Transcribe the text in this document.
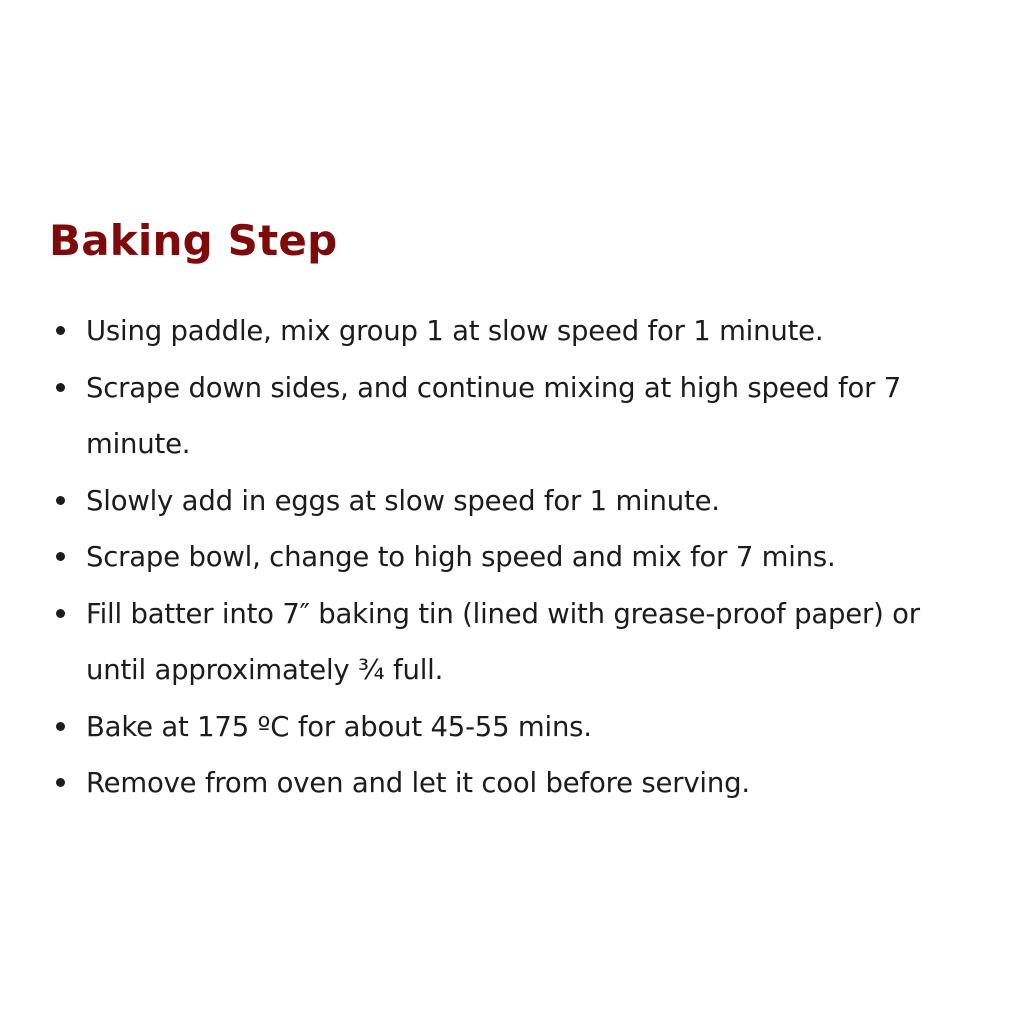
Baking Step
Using paddle, mix group 1 at slow speed for 1 minute.
Scrape down sides, and continue mixing at high speed for 7 minute.
Slowly add in eggs at slow speed for 1 minute.
Scrape bowl, change to high speed and mix for 7 mins.
Fill batter into 7″ baking tin (lined with grease-proof paper) or until approximately ¾ full.
Bake at 175 ºC for about 45-55 mins.
Remove from oven and let it cool before serving.
